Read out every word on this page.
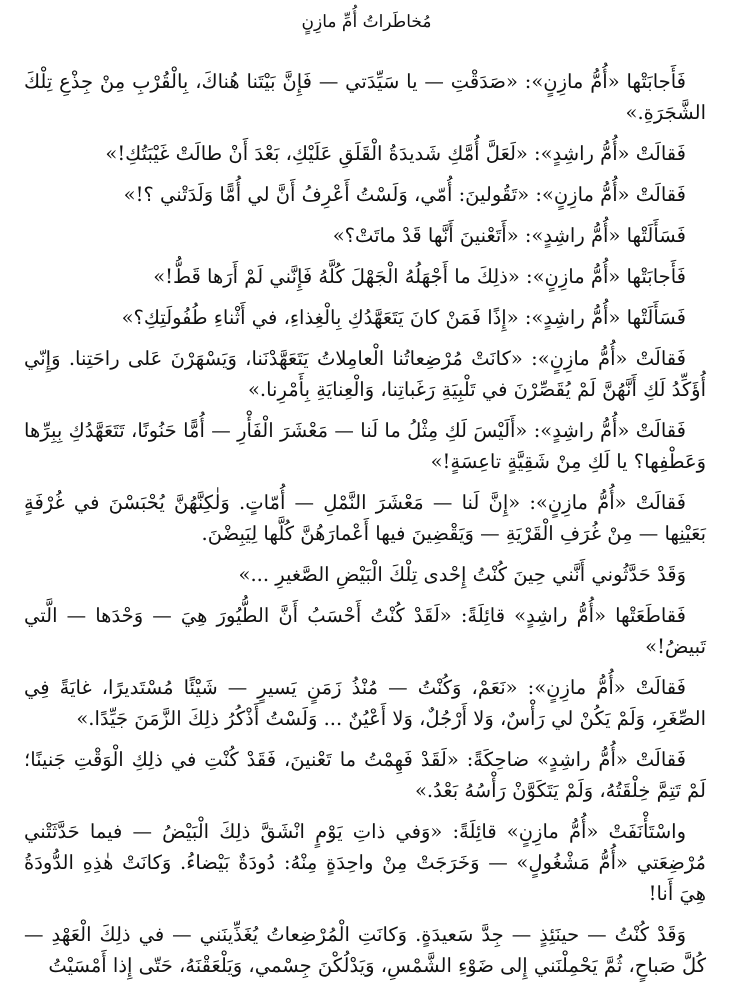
مُخاطَراتُ أُمِّ مازِنٍ

فَأَجابَتْها «أُمُّ مازِنٍ»: «صَدَقْتِ — يا سَيِّدَتي — فَإِنَّ بَيْتَنا هُناكَ، بِالْقُرْبِ مِنْ جِذْعِ تِلْكَ الشَّجَرَةِ.»

فَقالَتْ «أُمُّ راشِدٍ»: «لَعَلَّ أُمَّكِ شَديدَةُ الْقَلَقِ عَلَيْكِ، بَعْدَ أَنْ طالَتْ غَيْبَتُكِ!»

فَقالَتْ «أُمُّ مازِنٍ»: «تَقُولينَ: أُمّي، وَلَسْتُ أَعْرِفُ أَنَّ لي أُمًّا وَلَدَتْني ؟!»

فَسَأَلَتْها «أُمُّ راشِدٍ»: «أَتَعْنينَ أَنَّها قَدْ ماتَتْ؟»

فَأَجابَتْها «أُمُّ مازِنٍ»: «ذلِكَ ما أَجْهَلُهُ الْجَهْلَ كُلَّهُ فَإِنَّني لَمْ أَرَها قَطُّ!»

فَسَأَلَتْها «أُمُّ راشِدٍ»: «إِذًا فَمَنْ كانَ يَتَعَهَّدُكِ بِالْغِذاءِ، في أَثْناءِ طُفُولَتِكِ؟»

فَقالَتْ «أُمُّ مازِنٍ»: «كانَتْ مُرْضِعاتُنا الْعامِلاتُ يَتَعَهَّدْنَنا، وَيَسْهَرْنَ عَلى راحَتِنا. وَإِنّي أُؤَكِّدُ لَكِ أَنَّهُنَّ لَمْ يُقَصِّرْنَ في تَلْبِيَةِ رَغَباتِنا، وَالْعِنايَةِ بِأَمْرِنا.»

فَقالَتْ «أُمُّ راشِدٍ»: «أَلَيْسَ لَكِ مِثْلُ ما لَنا — مَعْشَرَ الْفَأْرِ — أُمًّا حَنُونًا، تَتَعَهَّدُكِ بِبِرِّها وَعَطْفِها؟ يا لَكِ مِنْ شَقِيَّةٍ تاعِسَةٍ!»

فَقالَتْ «أُمُّ مازِنٍ»: «إِنَّ لَنا — مَعْشَرَ النَّمْلِ — أُمّاتٍ. وَلٰكِنَّهُنَّ يُحْبَسْنَ في غُرْفَةٍ بَعَيْنِها — مِنْ غُرَفِ الْقَرْيَةِ — وَيَقْضِينَ فيها أَعْمارَهُنَّ كُلَّها لِيَبِضْنَ.

وَقَدْ حَدَّثُوني أَنَّني حِينَ كُنْتُ إِحْدى تِلْكَ الْبَيْضِ الصَّغيرِ ...»

فَقاطَعَتْها «أُمُّ راشِدٍ» قائِلَةً: «لَقَدْ كُنْتُ أَحْسَبُ أَنَّ الطُّيُورَ هِيَ — وَحْدَها — الَّتي تَبيضُ!»

فَقالَتْ «أُمُّ مازِنٍ»: «نَعَمْ، وَكُنْتُ — مُنْذُ زَمَنٍ يَسيرٍ — شَيْئًا مُسْتَديرًا، غايَةً فِي الصِّغَرِ، وَلَمْ يَكُنْ لي رَأْسٌ، وَلا أَرْجُلٌ، وَلا أَعْيُنٌ ... وَلَسْتُ أَذْكُرُ ذلِكَ الزَّمَنَ جَيِّدًا.»

فَقالَتْ «أُمُّ راشِدٍ» ضاحِكَةً: «لَقَدْ فَهِمْتُ ما تَعْنينَ، فَقَدْ كُنْتِ في ذلِكِ الْوَقْتِ جَنينًا؛ لَمْ تَتِمَّ خِلْقَتُهُ، وَلَمْ يَتَكَوَّنْ رَأْسُهُ بَعْدُ.»

واسْتَأْنَفَتْ «أُمُّ مازِنٍ» قائِلَةً: «وَفي ذاتِ يَوْمٍ انْشَقَّ ذلِكَ الْبَيْضُ — فيما حَدَّثَتْني مُرْضِعَتي «أُمُّ مَشْغُولٍ» — وَخَرَجَتْ مِنْ واحِدَةٍ مِنْهُ: دُودَةٌ بَيْضاءُ. وَكانَتْ هٰذِهِ الدُّودَةُ هِيَ أَنا!

وَقَدْ كُنْتُ — حينَئِذٍ — جِدَّ سَعيدَةٍ. وَكانَتِ الْمُرْضِعاتُ يُغَذِّينَني — في ذلِكَ الْعَهْدِ — كُلَّ صَباحٍ، ثُمَّ يَحْمِلْنَني إِلى ضَوْءِ الشَّمْسِ، وَيَدْلُكْنَ جِسْمي، وَيَلْعَقْنَهُ، حَتّى إِذا أَمْسَيْتُ
